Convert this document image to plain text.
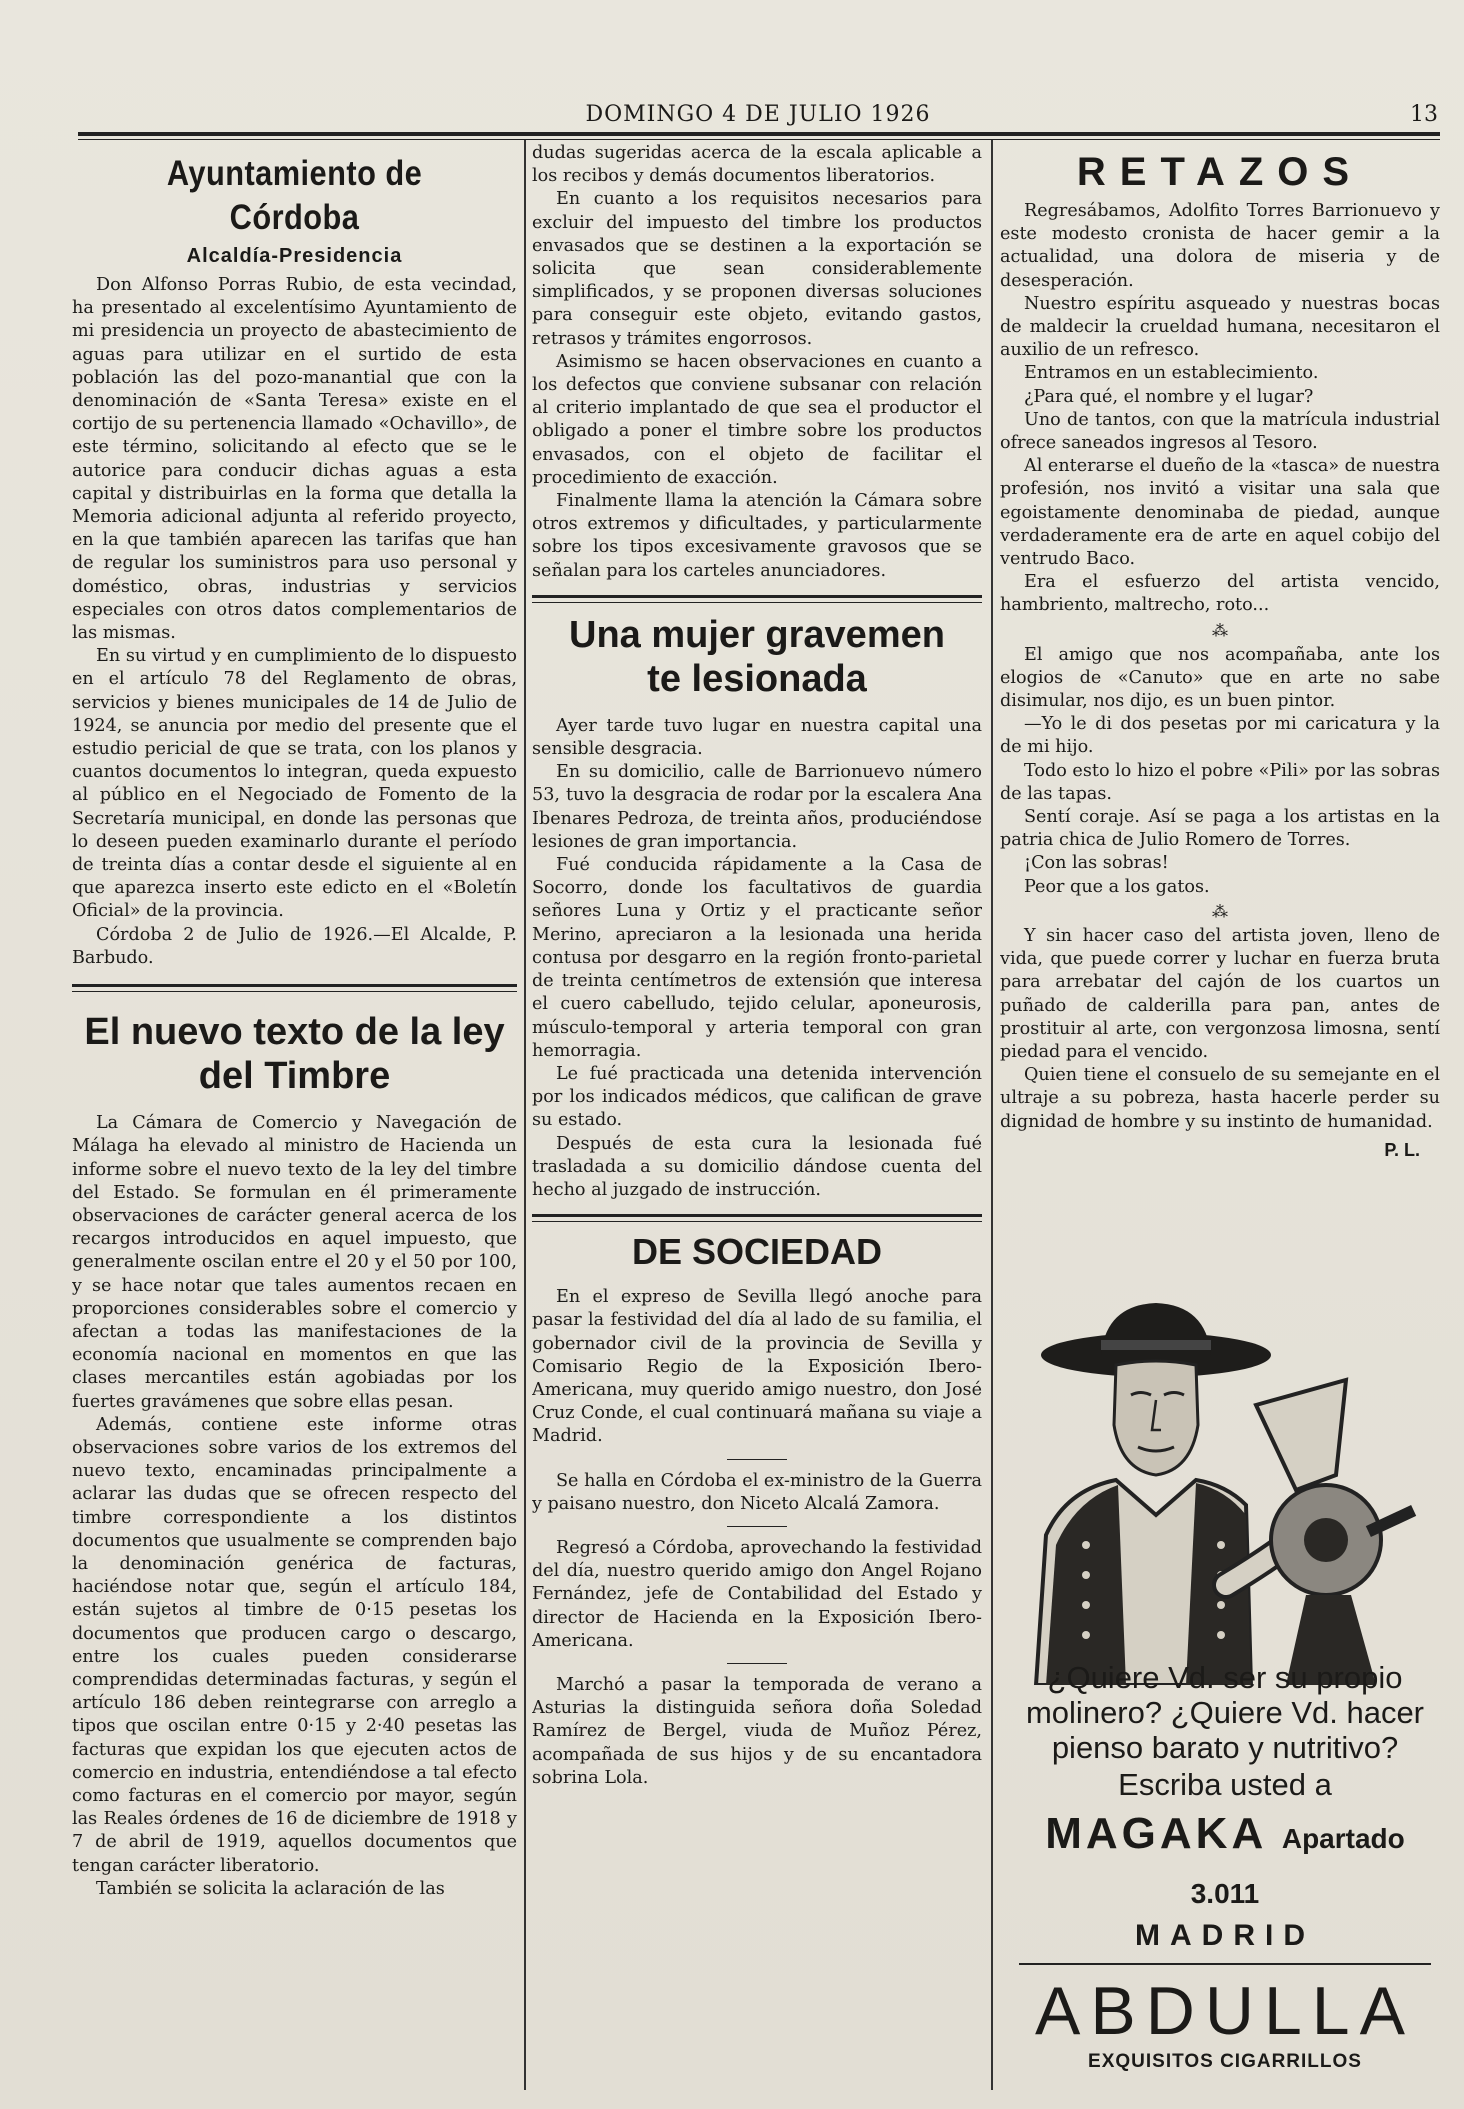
DOMINGO 4 DE JULIO 1926	13
Ayuntamiento de Córdoba
Alcaldía-Presidencia

Don Alfonso Porras Rubio, de esta vecindad, ha presentado al excelentísimo Ayuntamiento de mi presidencia un proyecto de abastecimiento de aguas para utilizar en el surtido de esta población las del pozo-manantial que con la denominación de «Santa Teresa» existe en el cortijo de su pertenencia llamado «Ochavillo», de este término, solicitando al efecto que se le autorice para conducir dichas aguas a esta capital y distribuirlas en la forma que detalla la Memoria adicional adjunta al referido proyecto, en la que también aparecen las tarifas que han de regular los suministros para uso personal y doméstico, obras, industrias y servicios especiales con otros datos complementarios de las mismas.

En su virtud y en cumplimiento de lo dispuesto en el artículo 78 del Reglamento de obras, servicios y bienes municipales de 14 de Julio de 1924, se anuncia por medio del presente que el estudio pericial de que se trata, con los planos y cuantos documentos lo integran, queda expuesto al público en el Negociado de Fomento de la Secretaría municipal, en donde las personas que lo deseen pueden examinarlo durante el período de treinta días a contar desde el siguiente al en que aparezca inserto este edicto en el «Boletín Oficial» de la provincia.

Córdoba 2 de Julio de 1926.—El Alcalde, P. Barbudo.

El nuevo texto de la ley
del Timbre

La Cámara de Comercio y Navegación de Málaga ha elevado al ministro de Hacienda un informe sobre el nuevo texto de la ley del timbre del Estado. Se formulan en él primeramente observaciones de carácter general acerca de los recargos introducidos en aquel impuesto, que generalmente oscilan entre el 20 y el 50 por 100, y se hace notar que tales aumentos recaen en proporciones considerables sobre el comercio y afectan a todas las manifestaciones de la economía nacional en momentos en que las clases mercantiles están agobiadas por los fuertes gravámenes que sobre ellas pesan.

Además, contiene este informe otras observaciones sobre varios de los extremos del nuevo texto, encaminadas principalmente a aclarar las dudas que se ofrecen respecto del timbre correspondiente a los distintos documentos que usualmente se comprenden bajo la denominación genérica de facturas, haciéndose notar que, según el artículo 184, están sujetos al timbre de 0·15 pesetas los documentos que producen cargo o descargo, entre los cuales pueden considerarse comprendidas determinadas facturas, y según el artículo 186 deben reintegrarse con arreglo a tipos que oscilan entre 0·15 y 2·40 pesetas las facturas que expidan los que ejecuten actos de comercio en industria, entendiéndose a tal efecto como facturas en el comercio por mayor, según las Reales órdenes de 16 de diciembre de 1918 y 7 de abril de 1919, aquellos documentos que tengan carácter liberatorio.

También se solicita la aclaración de las

dudas sugeridas acerca de la escala aplicable a los recibos y demás documentos liberatorios.

En cuanto a los requisitos necesarios para excluir del impuesto del timbre los productos envasados que se destinen a la exportación se solicita que sean considerablemente simplificados, y se proponen diversas soluciones para conseguir este objeto, evitando gastos, retrasos y trámites engorrosos.

Asimismo se hacen observaciones en cuanto a los defectos que conviene subsanar con relación al criterio implantado de que sea el productor el obligado a poner el timbre sobre los productos envasados, con el objeto de facilitar el procedimiento de exacción.

Finalmente llama la atención la Cámara sobre otros extremos y dificultades, y particularmente sobre los tipos excesivamente gravosos que se señalan para los carteles anunciadores.

Una mujer gravemen
te lesionada

Ayer tarde tuvo lugar en nuestra capital una sensible desgracia.

En su domicilio, calle de Barrionuevo número 53, tuvo la desgracia de rodar por la escalera Ana Ibenares Pedroza, de treinta años, produciéndose lesiones de gran importancia.

Fué conducida rápidamente a la Casa de Socorro, donde los facultativos de guardia señores Luna y Ortiz y el practicante señor Merino, apreciaron a la lesionada una herida contusa por desgarro en la región fronto-parietal de treinta centímetros de extensión que interesa el cuero cabelludo, tejido celular, aponeurosis, músculo-temporal y arteria temporal con gran hemorragia.

Le fué practicada una detenida intervención por los indicados médicos, que califican de grave su estado.

Después de esta cura la lesionada fué trasladada a su domicilio dándose cuenta del hecho al juzgado de instrucción.

DE SOCIEDAD

En el expreso de Sevilla llegó anoche para pasar la festividad del día al lado de su familia, el gobernador civil de la provincia de Sevilla y Comisario Regio de la Exposición Ibero-Americana, muy querido amigo nuestro, don José Cruz Conde, el cual continuará mañana su viaje a Madrid.

Se halla en Córdoba el ex-ministro de la Guerra y paisano nuestro, don Niceto Alcalá Zamora.

Regresó a Córdoba, aprovechando la festividad del día, nuestro querido amigo don Angel Rojano Fernández, jefe de Contabilidad del Estado y director de Hacienda en la Exposición Ibero-Americana.

Marchó a pasar la temporada de verano a Asturias la distinguida señora doña Soledad Ramírez de Bergel, viuda de Muñoz Pérez, acompañada de sus hijos y de su encantadora sobrina Lola.

RETAZOS

Regresábamos, Adolfito Torres Barrionuevo y este modesto cronista de hacer gemir a la actualidad, una dolora de miseria y de desesperación.

Nuestro espíritu asqueado y nuestras bocas de maldecir la crueldad humana, necesitaron el auxilio de un refresco.

Entramos en un establecimiento.

¿Para qué, el nombre y el lugar?

Uno de tantos, con que la matrícula industrial ofrece saneados ingresos al Tesoro.

Al enterarse el dueño de la «tasca» de nuestra profesión, nos invitó a visitar una sala que egoistamente denominaba de piedad, aunque verdaderamente era de arte en aquel cobijo del ventrudo Baco.

Era el esfuerzo del artista vencido, hambriento, maltrecho, roto...

⁂

El amigo que nos acompañaba, ante los elogios de «Canuto» que en arte no sabe disimular, nos dijo, es un buen pintor.

—Yo le di dos pesetas por mi caricatura y la de mi hijo.

Todo esto lo hizo el pobre «Pili» por las sobras de las tapas.

Sentí coraje. Así se paga a los artistas en la patria chica de Julio Romero de Torres.

¡Con las sobras!

Peor que a los gatos.

⁂

Y sin hacer caso del artista joven, lleno de vida, que puede correr y luchar en fuerza bruta para arrebatar del cajón de los cuartos un puñado de calderilla para pan, antes de prostituir al arte, con vergonzosa limosna, sentí piedad para el vencido.

Quien tiene el consuelo de su semejante en el ultraje a su pobreza, hasta hacerle perder su dignidad de hombre y su instinto de humanidad.

P. L.

¿Quiere Vd. ser su propio

molinero? ¿Quiere Vd. hacer

pienso barato y nutritivo?

Escriba usted a

MAGAKA Apartado 3.011
MADRID
ABDULLA
EXQUISITOS CIGARRILLOS
